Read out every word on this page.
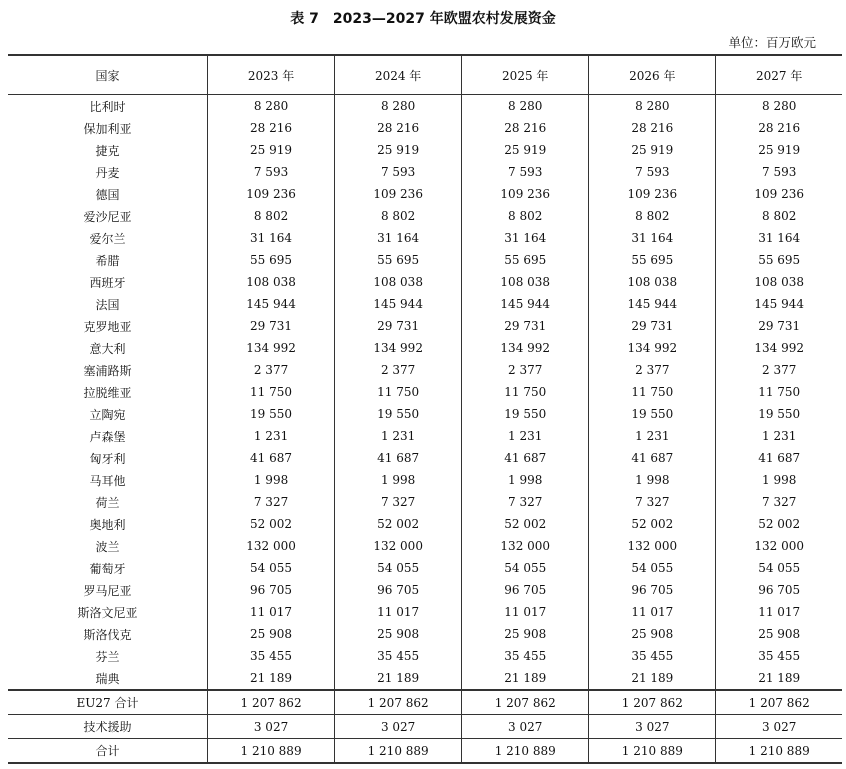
表 7　2023—2027 年欧盟农村发展资金
单位：百万欧元
国家	2023 年	2024 年	2025 年	2026 年	2027 年
比利时	8 280	8 280	8 280	8 280	8 280
保加利亚	28 216	28 216	28 216	28 216	28 216
捷克	25 919	25 919	25 919	25 919	25 919
丹麦	7 593	7 593	7 593	7 593	7 593
德国	109 236	109 236	109 236	109 236	109 236
爱沙尼亚	8 802	8 802	8 802	8 802	8 802
爱尔兰	31 164	31 164	31 164	31 164	31 164
希腊	55 695	55 695	55 695	55 695	55 695
西班牙	108 038	108 038	108 038	108 038	108 038
法国	145 944	145 944	145 944	145 944	145 944
克罗地亚	29 731	29 731	29 731	29 731	29 731
意大利	134 992	134 992	134 992	134 992	134 992
塞浦路斯	2 377	2 377	2 377	2 377	2 377
拉脱维亚	11 750	11 750	11 750	11 750	11 750
立陶宛	19 550	19 550	19 550	19 550	19 550
卢森堡	1 231	1 231	1 231	1 231	1 231
匈牙利	41 687	41 687	41 687	41 687	41 687
马耳他	1 998	1 998	1 998	1 998	1 998
荷兰	7 327	7 327	7 327	7 327	7 327
奥地利	52 002	52 002	52 002	52 002	52 002
波兰	132 000	132 000	132 000	132 000	132 000
葡萄牙	54 055	54 055	54 055	54 055	54 055
罗马尼亚	96 705	96 705	96 705	96 705	96 705
斯洛文尼亚	11 017	11 017	11 017	11 017	11 017
斯洛伐克	25 908	25 908	25 908	25 908	25 908
芬兰	35 455	35 455	35 455	35 455	35 455
瑞典	21 189	21 189	21 189	21 189	21 189
EU27 合计	1 207 862	1 207 862	1 207 862	1 207 862	1 207 862
技术援助	3 027	3 027	3 027	3 027	3 027
合计	1 210 889	1 210 889	1 210 889	1 210 889	1 210 889
